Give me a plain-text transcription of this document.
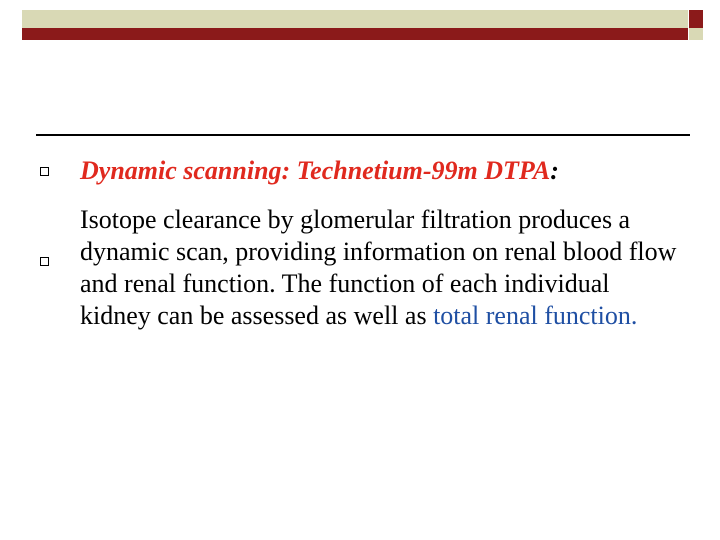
Dynamic scanning: Technetium-99m DTPA:
Isotope clearance by glomerular filtration produces a dynamic scan, providing information on renal blood flow and renal function. The function of each individual kidney can be assessed as well as total renal function.
